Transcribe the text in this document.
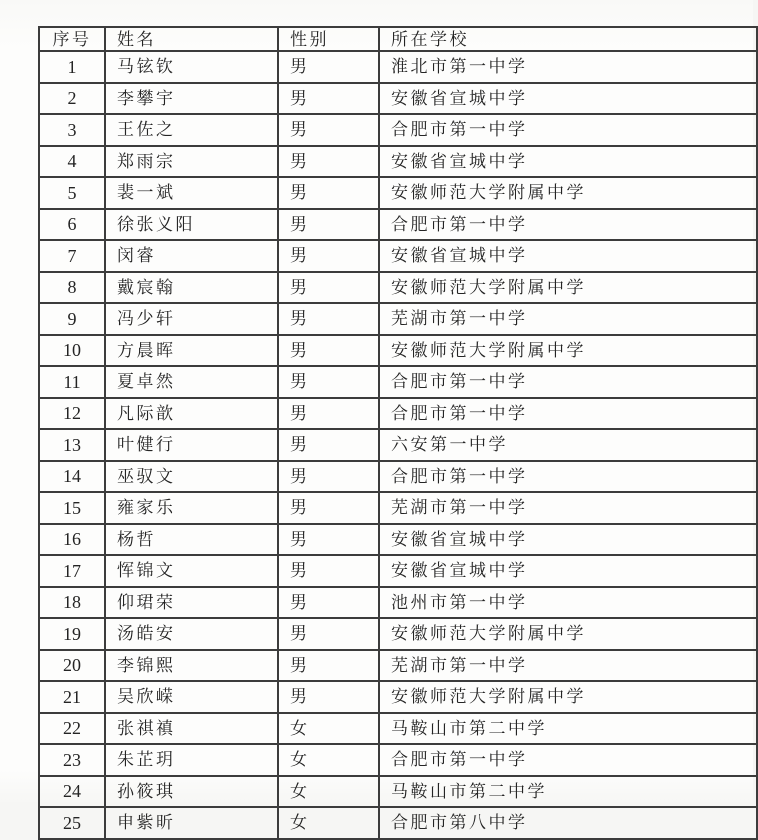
序号	姓名	性别	所在学校
1	马铉钦	男	淮北市第一中学
2	李攀宇	男	安徽省宣城中学
3	王佐之	男	合肥市第一中学
4	郑雨宗	男	安徽省宣城中学
5	裴一斌	男	安徽师范大学附属中学
6	徐张义阳	男	合肥市第一中学
7	闵睿	男	安徽省宣城中学
8	戴宸翰	男	安徽师范大学附属中学
9	冯少轩	男	芜湖市第一中学
10	方晨晖	男	安徽师范大学附属中学
11	夏卓然	男	合肥市第一中学
12	凡际歆	男	合肥市第一中学
13	叶健行	男	六安第一中学
14	巫驭文	男	合肥市第一中学
15	雍家乐	男	芜湖市第一中学
16	杨哲	男	安徽省宣城中学
17	恽锦文	男	安徽省宣城中学
18	仰珺荣	男	池州市第一中学
19	汤皓安	男	安徽师范大学附属中学
20	李锦熙	男	芜湖市第一中学
21	吴欣嵘	男	安徽师范大学附属中学
22	张祺禛	女	马鞍山市第二中学
23	朱芷玥	女	合肥市第一中学
24	孙筱琪	女	马鞍山市第二中学
25	申紫昕	女	合肥市第八中学
